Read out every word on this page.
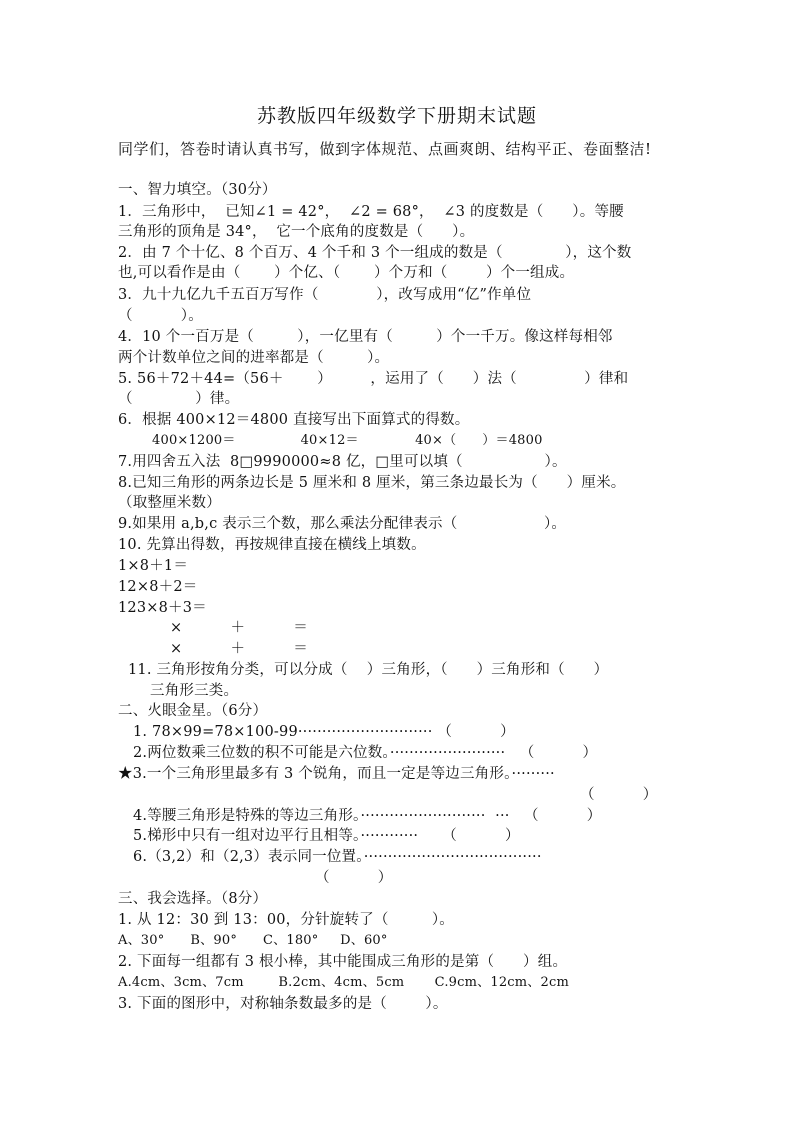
苏教版四年级数学下册期末试题
同学们，答卷时请认真书写，做到字体规范、点画爽朗、结构平正、卷面整洁!
一、智力填空。（30分）
1．三角形中，  已知∠1 = 42°，  ∠2 = 68°，  ∠3 的度数是（      ）。等腰
三角形的顶角是 34°，  它一个底角的度数是（      ）。
2．由 7 个十亿、8 个百万、4 个千和 3 个一组成的数是（             ），这个数
也,可以看作是由（       ）个亿、（       ）个万和（        ）个一组成。
3．九十九亿九千五百万写作（            ），改写成用“亿”作单位
（          ）。
4．10 个一百万是（         ），一亿里有（         ）个一千万。像这样每相邻
两个计数单位之间的进率都是（         ）。
5. 56＋72＋44=（56＋       ）        ，运用了（      ）法（              ）律和
（             ）律。
6．根据 400×12＝4800 直接写出下面算式的得数。
400×1200＝               40×12＝             40×（      ）＝4800
7.用四舍五入法  8□9990000≈8 亿，□里可以填（                 ）。
8.已知三角形的两条边长是 5 厘米和 8 厘米，第三条边最长为（      ）厘米。
（取整厘米数）
9.如果用 a,b,c 表示三个数，那么乘法分配律表示（                  ）。
10. 先算出得数，再按规律直接在横线上填数。
1×8＋1＝
12×8＋2＝
123×8＋3＝
×          ＋          ＝
×          ＋          ＝
11. 三角形按角分类，可以分成（    ）三角形，（      ）三角形和（      ）
三角形三类。
二、火眼金星。（6分）
1. 78×99=78×100-99···························· （          ）
2.两位数乘三位数的积不可能是六位数。························   （          ）
★3.一个三角形里最多有 3 个锐角，而且一定是等边三角形。·········
（          ）
4.等腰三角形是特殊的等边三角形。··························  ···   （          ）
5.梯形中只有一组对边平行且相等。············     （          ）
6.（3,2）和（2,3）表示同一位置。·····································
（          ）
三、我会选择。（8分）
1. 从 12：30 到 13：00，分针旋转了（         ）。
A、30°      B、90°      C、180°     D、60°
2. 下面每一组都有 3 根小棒，其中能围成三角形的是第（      ）组。
A.4cm、3cm、7cm        B.2cm、4cm、5cm       C.9cm、12cm、2cm
3. 下面的图形中，对称轴条数最多的是（        ）。
